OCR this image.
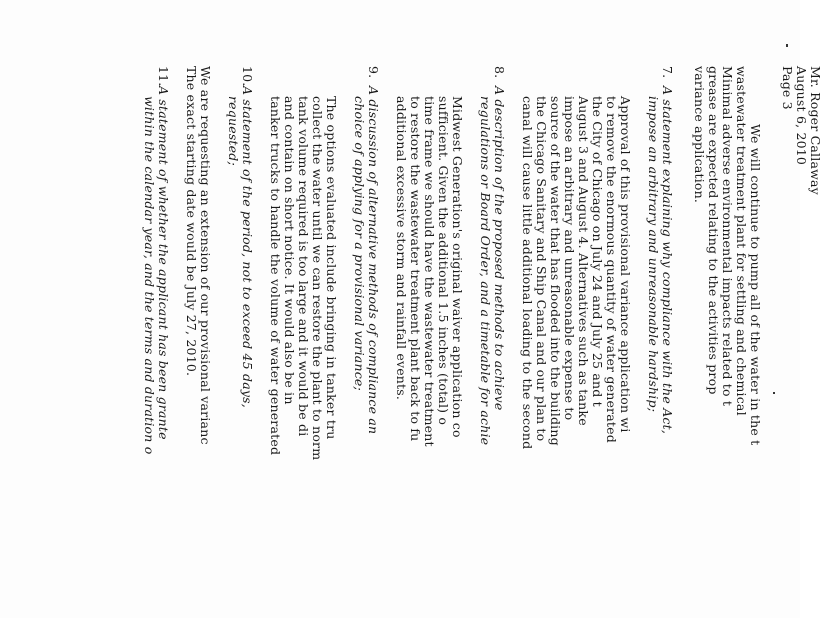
Mr. Roger Callaway

August 6, 2010

Page 3

We will continue to pump all of the water in the t

wastewater treatment plant for settling and chemical

Minimal adverse environmental impacts related to t

grease are expected relating to the activities prop

variance application.

7.A statement explaining why compliance with the Act,

impose an arbitrary and unreasonable hardship;

Approval of this provisional variance application wi

to remove the enormous quantity of water generated

the City of Chicago on July 24 and July 25 and t

August 3 and August 4. Alternatives such as tanke

impose an arbitrary and unreasonable expense to

source of the water that has flooded into the building

the Chicago Sanitary and Ship Canal and our plan to

canal will cause little additional loading to the second

8.A description of the proposed methods to achieve

regulations or Board Order, and a timetable for achie

Midwest Generation's original waiver application co

sufficient. Given the additional 1.5 inches (total) o

time frame we should have the wastewater treatment

to restore the wastewater treatment plant back to fu

additional excessive storm and rainfall events.

9.A discussion of alternative methods of compliance an

choice of applying for a provisional variance;

The options evaluated include bringing in tanker tru

collect the water until we can restore the plant to norm

tank volume required is too large and it would be di

and contain on short notice. It would also be in

tanker trucks to handle the volume of water generated

10.A statement of the period, not to exceed 45 days,

requested;

We are requesting an extension of our provisional varianc

The exact starting date would be July 27, 2010.

11.A statement of whether the applicant has been grante

within the calendar year, and the terms and duration o
